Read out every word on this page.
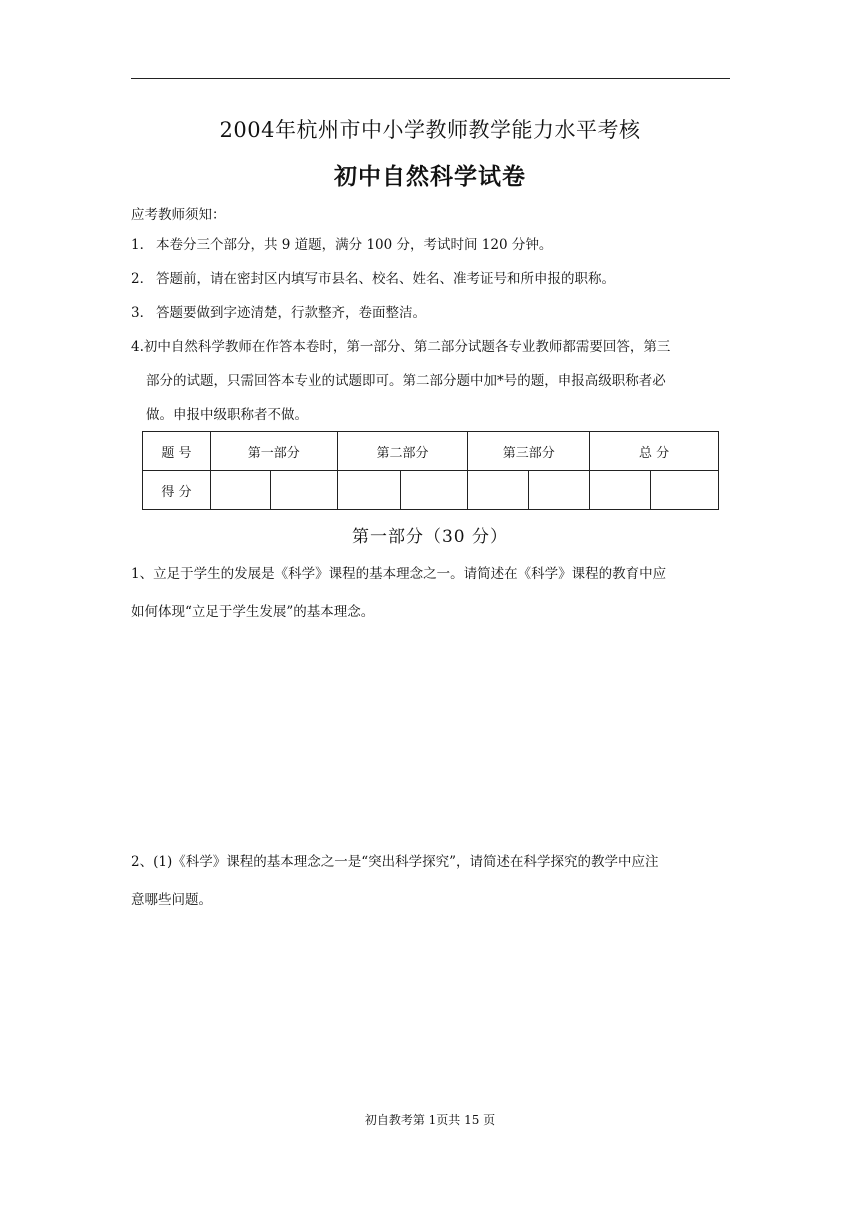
2004年杭州市中小学教师教学能力水平考核
初中自然科学试卷
应考教师须知：
1． 本卷分三个部分，共 9 道题，满分 100 分，考试时间 120 分钟。
2． 答题前，请在密封区内填写市县名、校名、姓名、准考证号和所申报的职称。
3． 答题要做到字迹清楚，行款整齐，卷面整洁。
4.初中自然科学教师在作答本卷时，第一部分、第二部分试题各专业教师都需要回答，第三
部分的试题，只需回答本专业的试题即可。第二部分题中加*号的题，申报高级职称者必
做。申报中级职称者不做。
题 号	第一部分		第二部分		第三部分		总 分	
得 分								
第一部分（30 分）
1、立足于学生的发展是《科学》课程的基本理念之一。请简述在《科学》课程的教育中应
如何体现“立足于学生发展”的基本理念。
2、(1)《科学》课程的基本理念之一是“突出科学探究”，请简述在科学探究的教学中应注
意哪些问题。
初自教考第 1页共 15 页
